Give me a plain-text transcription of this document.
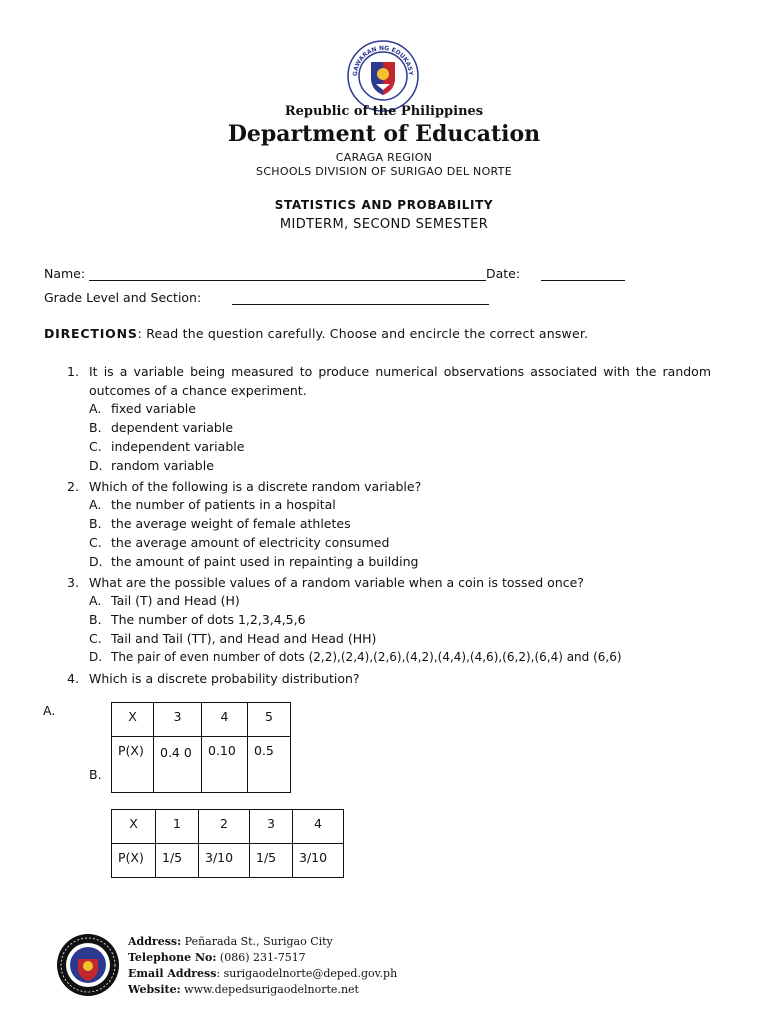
GAWARAN NG EDUKASY
Republic of the Philippines
Department of Education
CARAGA REGION
SCHOOLS DIVISION OF SURIGAO DEL NORTE
STATISTICS AND PROBABILITY
MIDTERM, SECOND SEMESTER
Name:	Date:
Grade Level and Section:
DIRECTIONS: Read the question carefully. Choose and encircle the correct answer.
1. It is a variable being measured to produce numerical observations associated with the random outcomes of a chance experiment.
A. fixed variable
B. dependent variable
C. independent variable
D. random variable
2. Which of the following is a discrete random variable?
A. the number of patients in a hospital
B. the average weight of female athletes
C. the average amount of electricity consumed
D. the amount of paint used in repainting a building
3. What are the possible values of a random variable when a coin is tossed once?
A. Tail (T) and Head (H)
B. The number of dots 1,2,3,4,5,6
C. Tail and Tail (TT), and Head and Head (HH)
D. The pair of even number of dots (2,2),(2,4),(2,6),(4,2),(4,4),(4,6),(6,2),(6,4) and (6,6)
4. Which is a discrete probability distribution?
A.
B.
X	3	4	5
P(X)	0.4 0	0.10	0.5
X	1	2	3	4
P(X)	1/5	3/10	1/5	3/10
Address: Peñarada St., Surigao City
Telephone No: (086) 231-7517
Email Address: surigaodelnorte@deped.gov.ph
Website: www.depedsurigaodelnorte.net
